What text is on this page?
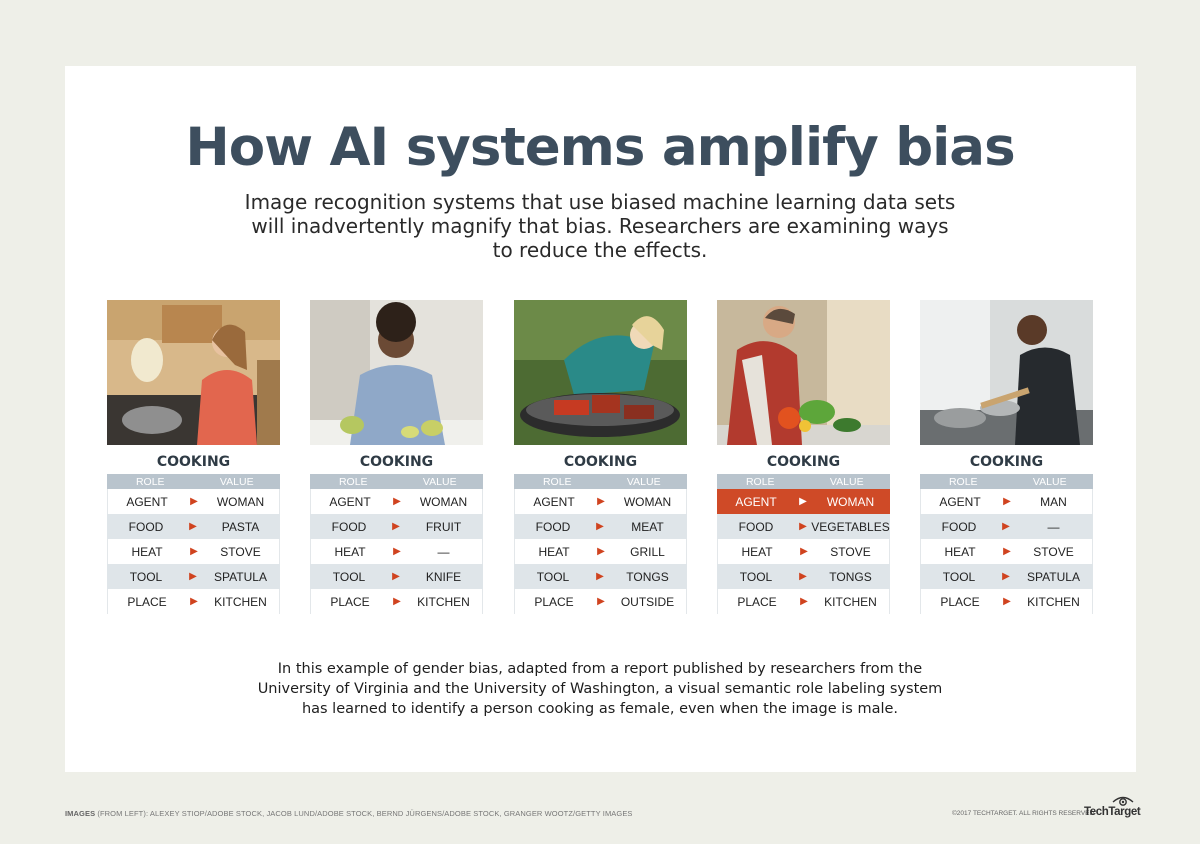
How AI systems amplify bias

Image recognition systems that use biased machine learning data sets will inadvertently magnify that bias. Researchers are examining ways to reduce the effects.

COOKING
ROLE	VALUE
AGENT	▶	WOMAN
FOOD	▶	PASTA
HEAT	▶	STOVE
TOOL	▶	SPATULA
PLACE	▶	KITCHEN
COOKING
ROLE	VALUE
AGENT	▶	WOMAN
FOOD	▶	FRUIT
HEAT	▶	—
TOOL	▶	KNIFE
PLACE	▶	KITCHEN
COOKING
ROLE	VALUE
AGENT	▶	WOMAN
FOOD	▶	MEAT
HEAT	▶	GRILL
TOOL	▶	TONGS
PLACE	▶	OUTSIDE
COOKING
ROLE	VALUE
AGENT	▶	WOMAN
FOOD	▶ VEGETABLES
HEAT	▶	STOVE
TOOL	▶	TONGS
PLACE	▶	KITCHEN
COOKING
ROLE	VALUE
AGENT	▶	MAN
FOOD	▶	—
HEAT	▶	STOVE
TOOL	▶	SPATULA
PLACE	▶	KITCHEN

In this example of gender bias, adapted from a report published by researchers from the University of Virginia and the University of Washington, a visual semantic role labeling system has learned to identify a person cooking as female, even when the image is male.

IMAGES (FROM LEFT): ALEXEY STIOP/ADOBE STOCK, JACOB LUND/ADOBE STOCK, BERND JÜRGENS/ADOBE STOCK, GRANGER WOOTZ/GETTY IMAGES	©2017 TECHTARGET. ALL RIGHTS RESERVED
TechTarget
